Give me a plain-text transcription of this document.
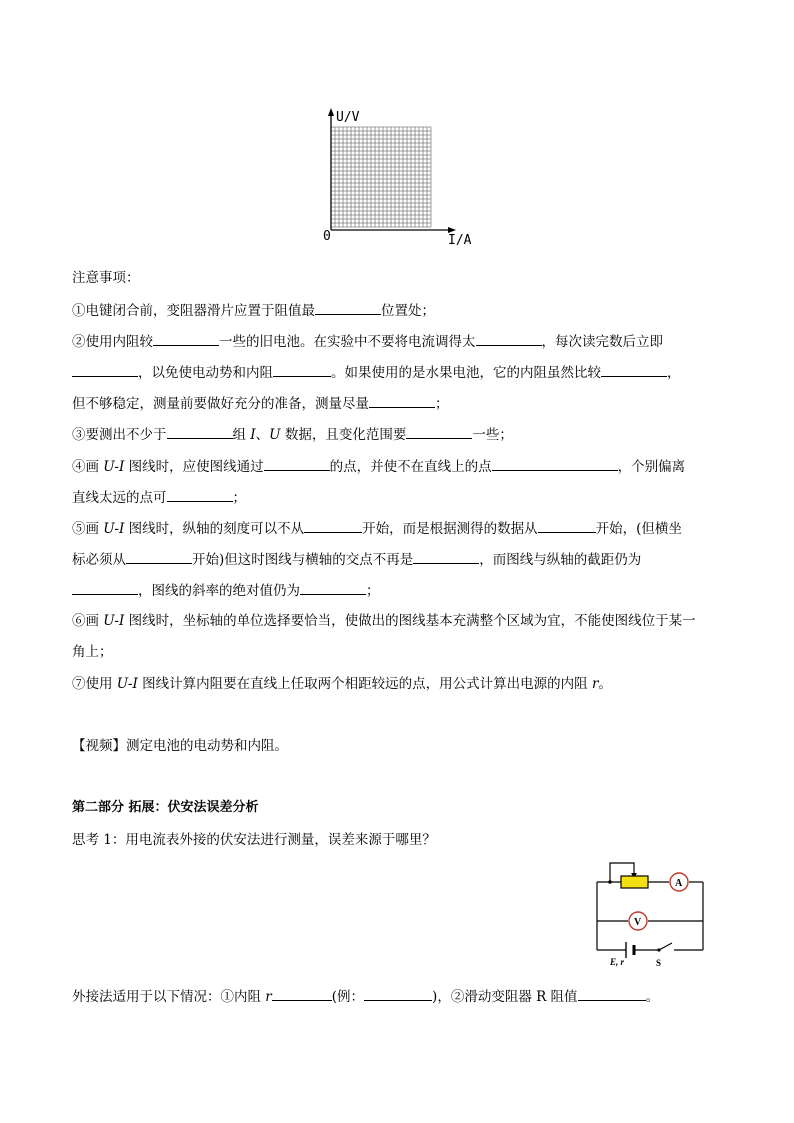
U/V
I/A
0
注意事项：
①电键闭合前，变阻器滑片应置于阻值最	位置处；
②使用内阻较	一些的旧电池。在实验中不要将电流调得太	，每次读完数后立即
，以免使电动势和内阻	。如果使用的是水果电池，它的内阻虽然比较	，
但不够稳定，测量前要做好充分的准备，测量尽量	；
③要测出不少于	组 I、U 数据，且变化范围要	一些；
④画 U-I 图线时，应使图线通过	的点，并使不在直线上的点	，个别偏离
直线太远的点可	；
⑤画 U-I 图线时，纵轴的刻度可以不从	开始，而是根据测得的数据从	开始，(但横坐
标必须从	开始)但这时图线与横轴的交点不再是	，而图线与纵轴的截距仍为
，图线的斜率的绝对值仍为	；
⑥画 U-I 图线时，坐标轴的单位选择要恰当，使做出的图线基本充满整个区域为宜，不能使图线位于某一
角上；
⑦使用 U-I 图线计算内阻要在直线上任取两个相距较远的点，用公式计算出电源的内阻 r。
【视频】测定电池的电动势和内阻。
第二部分 拓展：伏安法误差分析
思考 1：用电流表外接的伏安法进行测量，误差来源于哪里？
A
V
E, r	S
外接法适用于以下情况：①内阻 r	(例：	)，②滑动变阻器 R 阻值	。
